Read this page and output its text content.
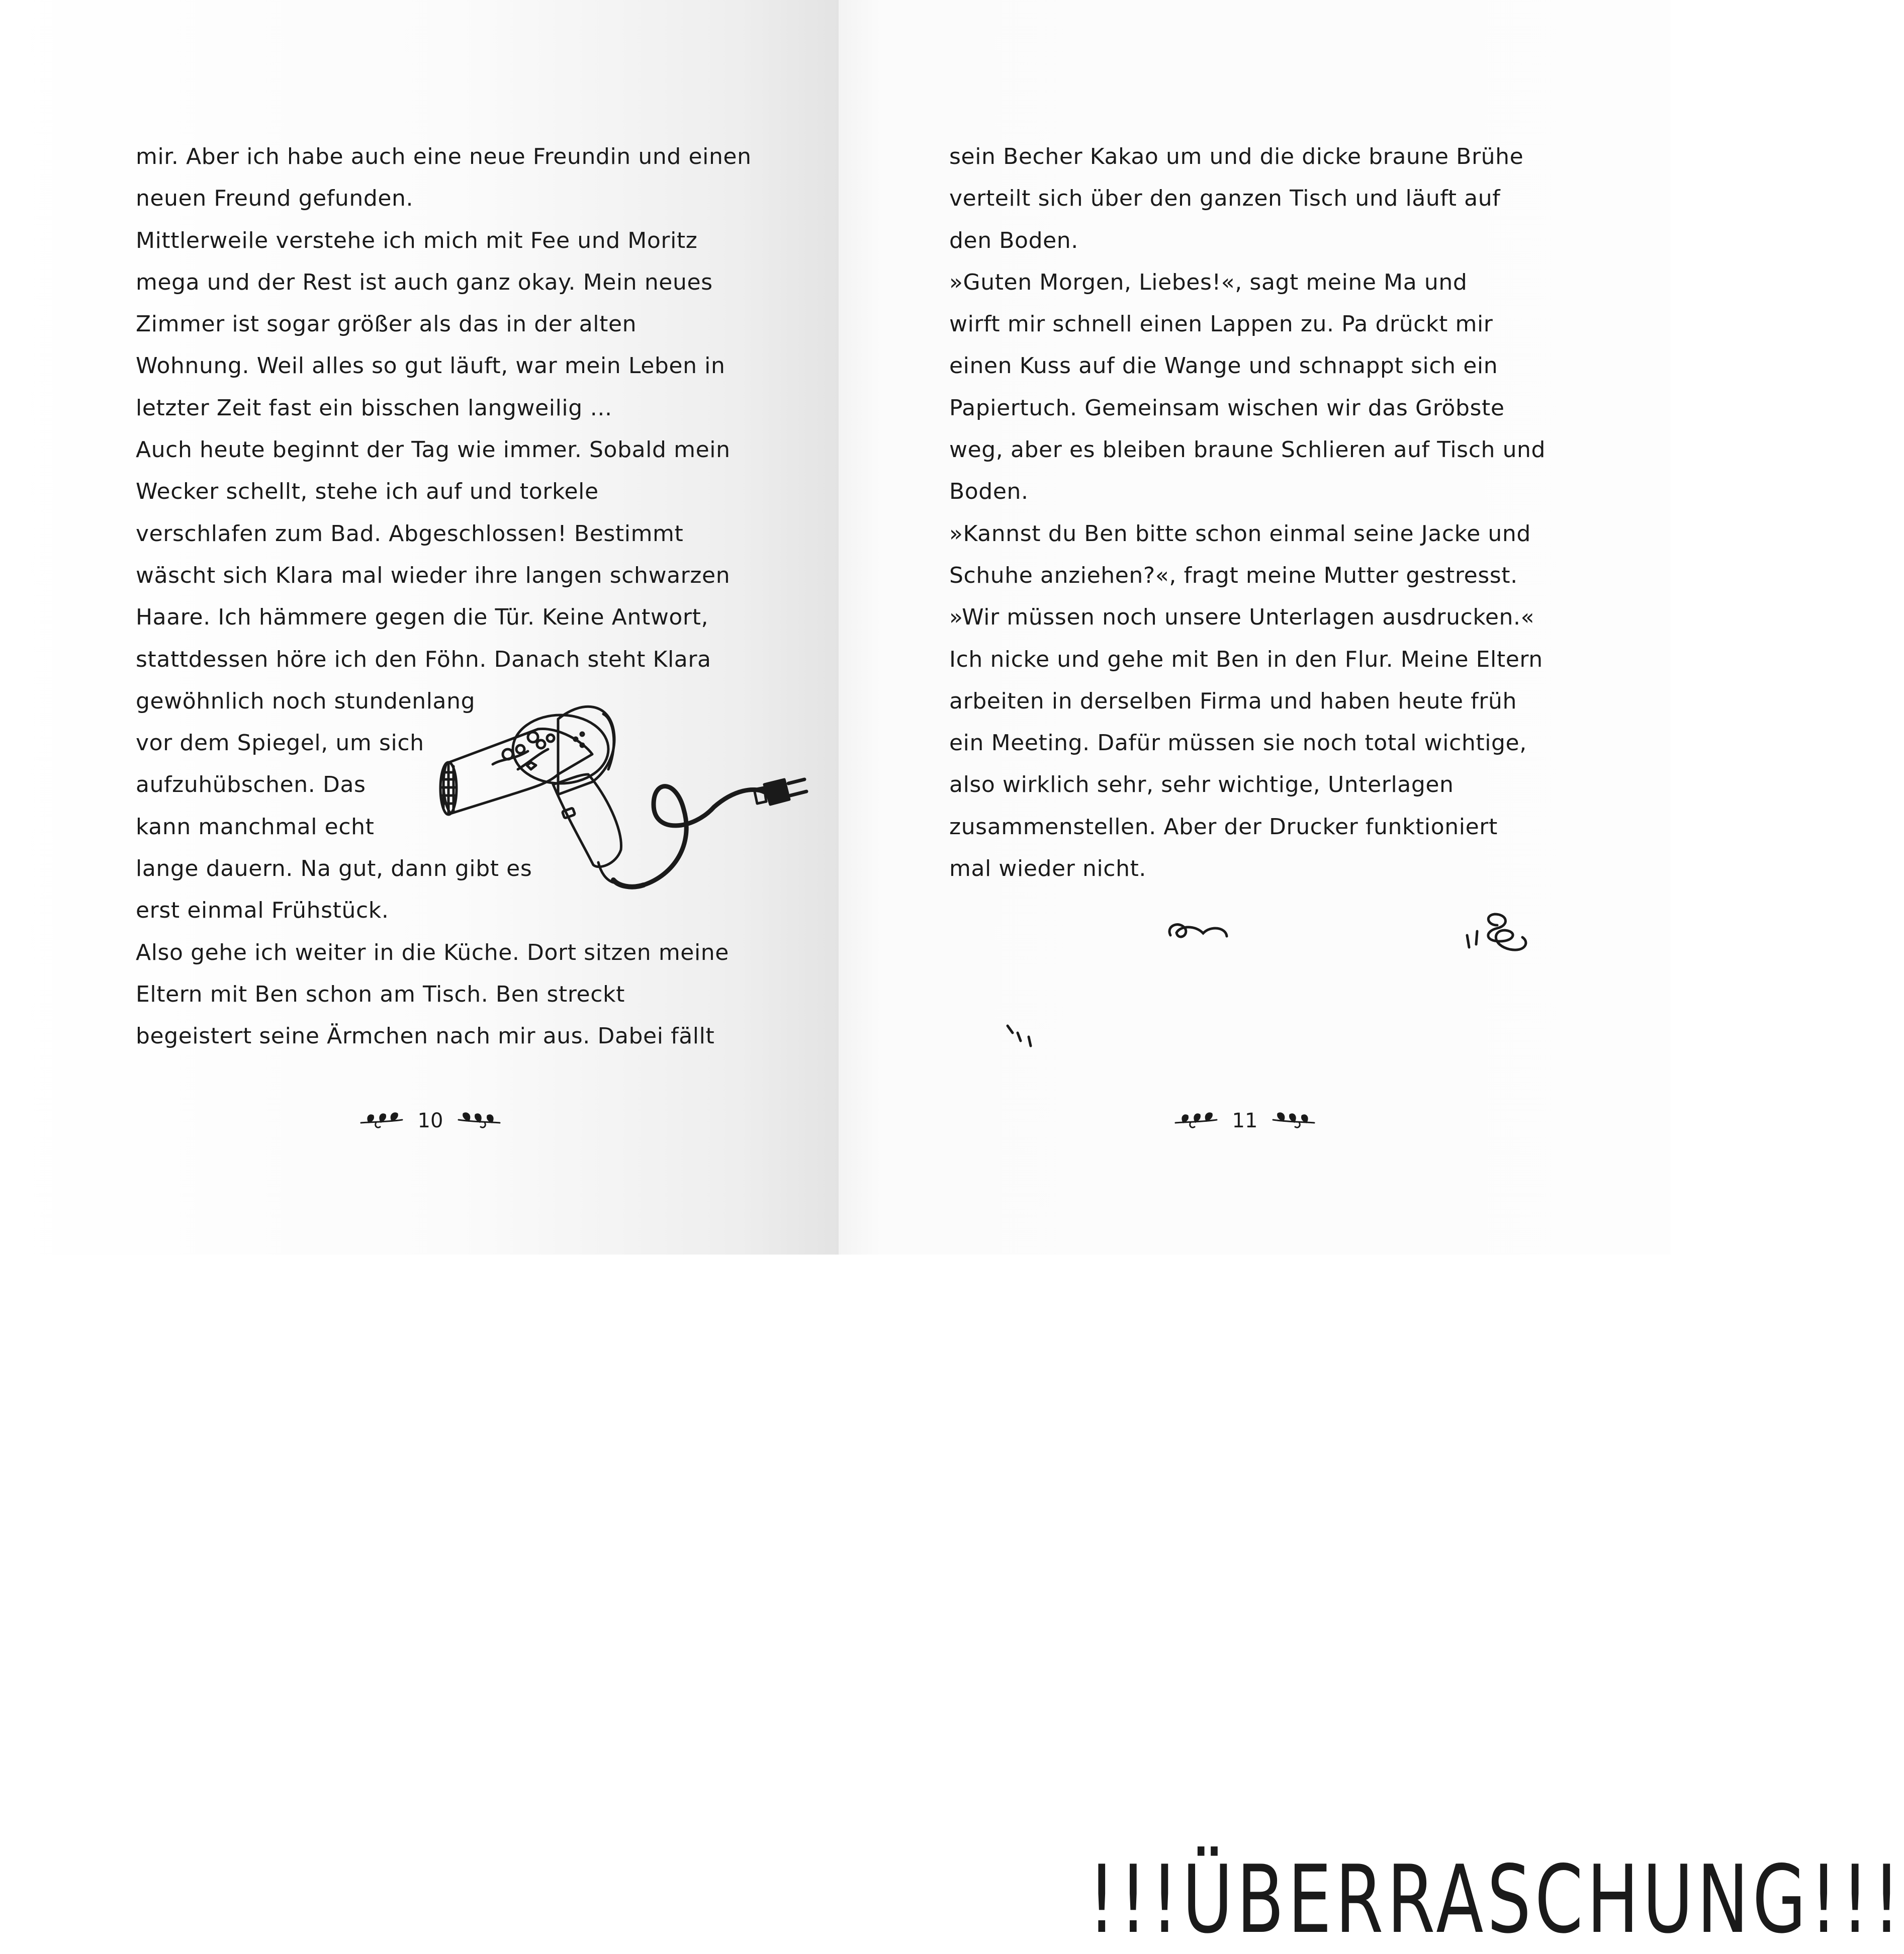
mir. Aber ich habe auch eine neue Freundin und einen
neuen Freund gefunden.
Mittlerweile verstehe ich mich mit Fee und Moritz
mega und der Rest ist auch ganz okay. Mein neues
Zimmer ist sogar größer als das in der alten
Wohnung. Weil alles so gut läuft, war mein Leben in
letzter Zeit fast ein bisschen langweilig …
Auch heute beginnt der Tag wie immer. Sobald mein
Wecker schellt, stehe ich auf und torkele
verschlafen zum Bad. Abgeschlossen! Bestimmt
wäscht sich Klara mal wieder ihre langen schwarzen
Haare. Ich hämmere gegen die Tür. Keine Antwort,
stattdessen höre ich den Föhn. Danach steht Klara
gewöhnlich noch stundenlang
vor dem Spiegel, um sich
aufzuhübschen. Das
kann manchmal echt
lange dauern. Na gut, dann gibt es
erst einmal Frühstück.
Also gehe ich weiter in die Küche. Dort sitzen meine
Eltern mit Ben schon am Tisch. Ben streckt
begeistert seine Ärmchen nach mir aus. Dabei fällt
10
sein Becher Kakao um und die dicke braune Brühe
verteilt sich über den ganzen Tisch und läuft auf
den Boden.
»Guten Morgen, Liebes!«, sagt meine Ma und
wirft mir schnell einen Lappen zu. Pa drückt mir
einen Kuss auf die Wange und schnappt sich ein
Papiertuch. Gemeinsam wischen wir das Gröbste
weg, aber es bleiben braune Schlieren auf Tisch und
Boden.
»Kannst du Ben bitte schon einmal seine Jacke und
Schuhe anziehen?«, fragt meine Mutter gestresst.
»Wir müssen noch unsere Unterlagen ausdrucken.«
Ich nicke und gehe mit Ben in den Flur. Meine Eltern
arbeiten in derselben Firma und haben heute früh
ein Meeting. Dafür müssen sie noch total wichtige,
also wirklich sehr, sehr wichtige, Unterlagen
zusammenstellen. Aber der Drucker funktioniert
mal wieder nicht.
!!!ÜBERRASCHUNG!!!
11
